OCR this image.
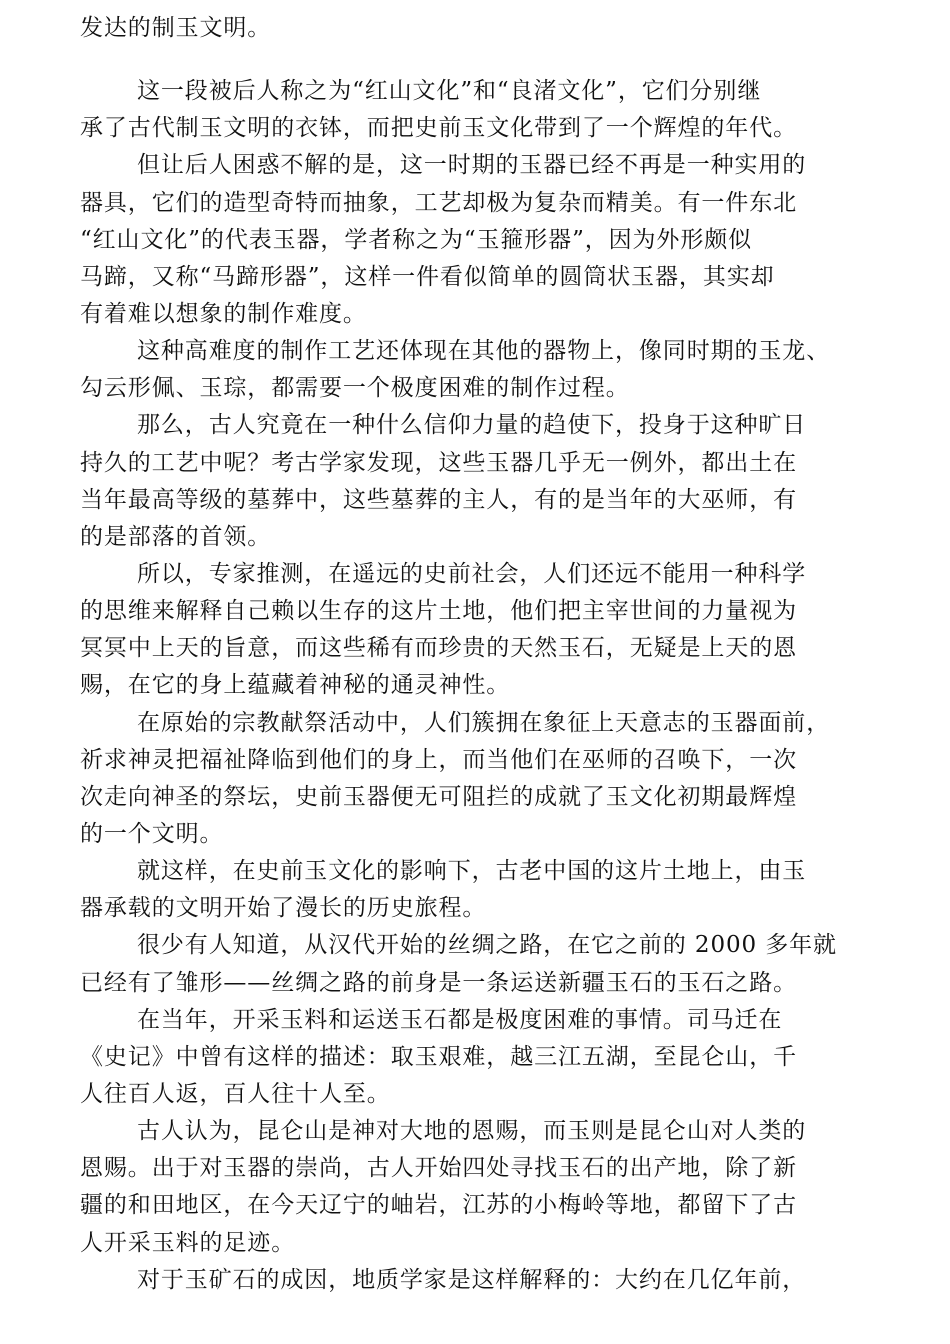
发达的制玉文明。
这一段被后人称之为“红山文化”和“良渚文化”，它们分别继
承了古代制玉文明的衣钵，而把史前玉文化带到了一个辉煌的年代。
但让后人困惑不解的是，这一时期的玉器已经不再是一种实用的
器具，它们的造型奇特而抽象，工艺却极为复杂而精美。有一件东北
“红山文化”的代表玉器，学者称之为“玉箍形器”，因为外形颇似
马蹄，又称“马蹄形器”，这样一件看似简单的圆筒状玉器，其实却
有着难以想象的制作难度。
这种高难度的制作工艺还体现在其他的器物上，像同时期的玉龙、
勾云形佩、玉琮，都需要一个极度困难的制作过程。
那么，古人究竟在一种什么信仰力量的趋使下，投身于这种旷日
持久的工艺中呢？考古学家发现，这些玉器几乎无一例外，都出土在
当年最高等级的墓葬中，这些墓葬的主人，有的是当年的大巫师，有
的是部落的首领。
所以，专家推测，在遥远的史前社会，人们还远不能用一种科学
的思维来解释自己赖以生存的这片土地，他们把主宰世间的力量视为
冥冥中上天的旨意，而这些稀有而珍贵的天然玉石，无疑是上天的恩
赐，在它的身上蕴藏着神秘的通灵神性。
在原始的宗教献祭活动中，人们簇拥在象征上天意志的玉器面前，
祈求神灵把福祉降临到他们的身上，而当他们在巫师的召唤下，一次
次走向神圣的祭坛，史前玉器便无可阻拦的成就了玉文化初期最辉煌
的一个文明。
就这样，在史前玉文化的影响下，古老中国的这片土地上，由玉
器承载的文明开始了漫长的历史旅程。
很少有人知道，从汉代开始的丝绸之路，在它之前的 2000 多年就
已经有了雏形——丝绸之路的前身是一条运送新疆玉石的玉石之路。
在当年，开采玉料和运送玉石都是极度困难的事情。司马迁在
《史记》中曾有这样的描述：取玉艰难，越三江五湖，至昆仑山，千
人往百人返，百人往十人至。
古人认为，昆仑山是神对大地的恩赐，而玉则是昆仑山对人类的
恩赐。出于对玉器的崇尚，古人开始四处寻找玉石的出产地，除了新
疆的和田地区，在今天辽宁的岫岩，江苏的小梅岭等地，都留下了古
人开采玉料的足迹。
对于玉矿石的成因，地质学家是这样解释的：大约在几亿年前，
